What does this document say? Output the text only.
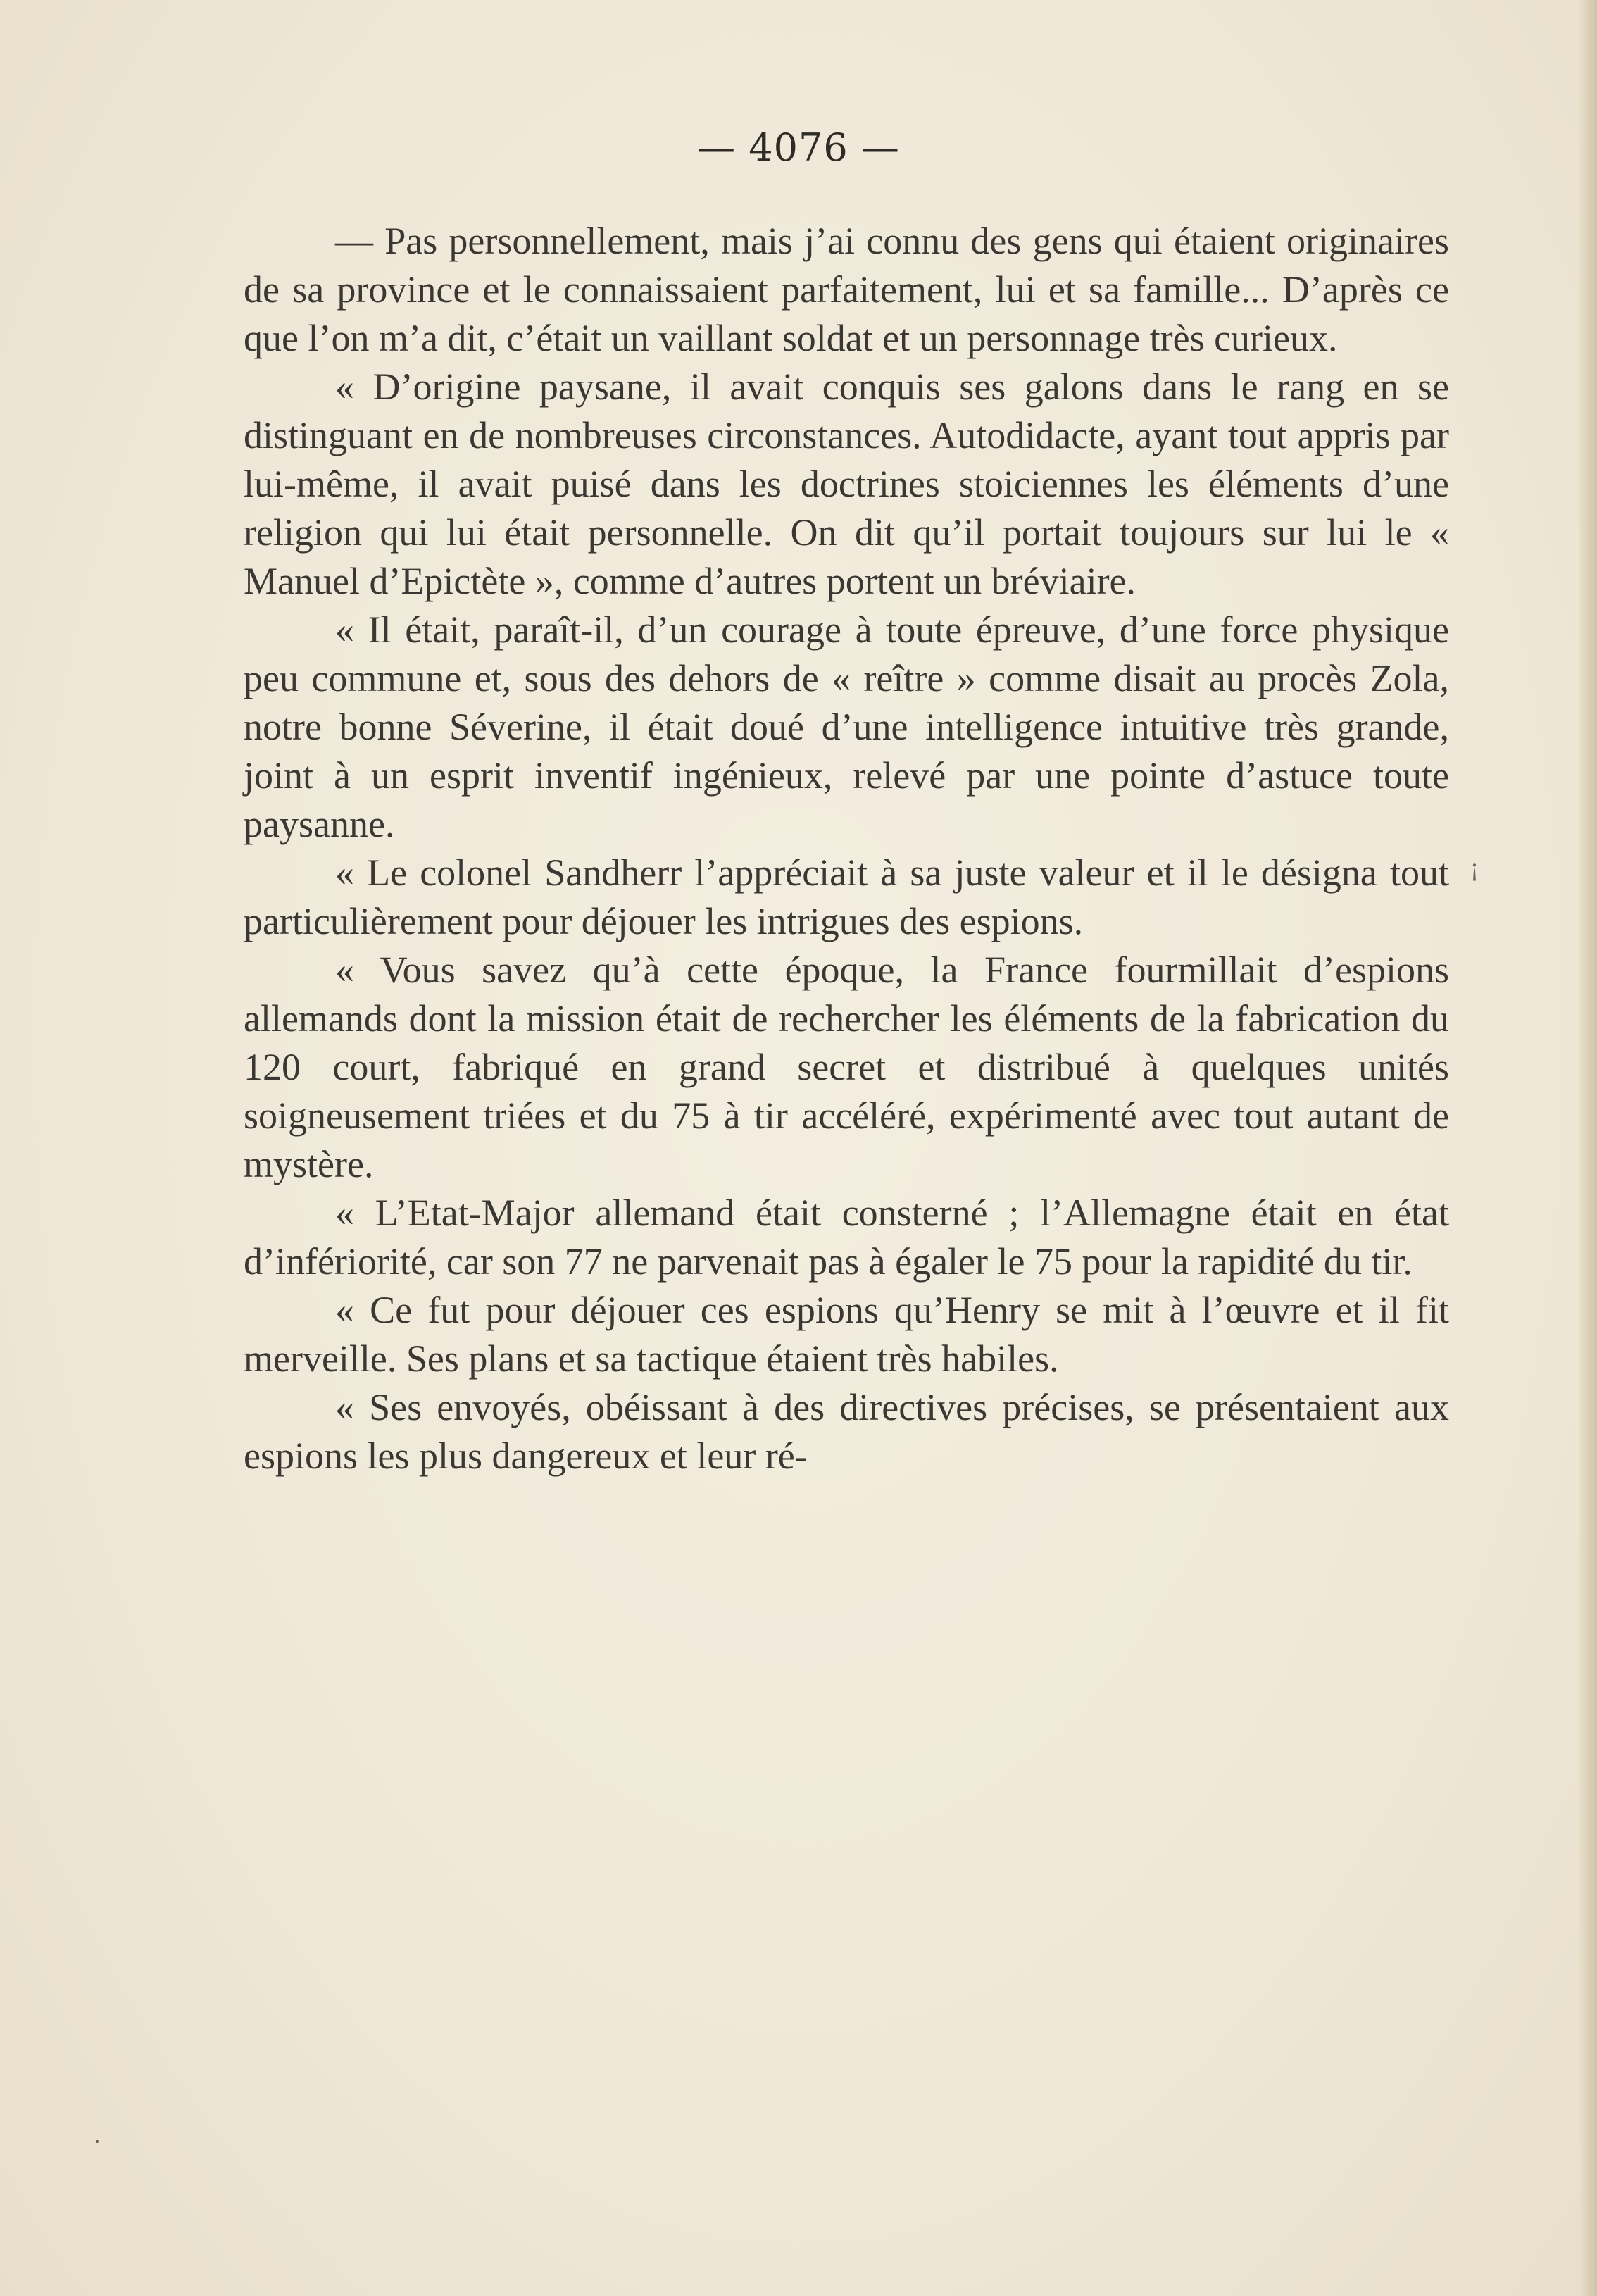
— 4076 —

— Pas personnellement, mais j’ai connu des gens qui étaient originaires de sa province et le connaissaient parfaitement, lui et sa famille... D’après ce que l’on m’a dit, c’était un vaillant soldat et un personnage très curieux.

« D’origine paysane, il avait conquis ses galons dans le rang en se distinguant en de nombreuses circonstances. Autodidacte, ayant tout appris par lui-même, il avait puisé dans les doctrines stoiciennes les éléments d’une religion qui lui était personnelle. On dit qu’il portait toujours sur lui le « Manuel d’Epictète », comme d’autres portent un bréviaire.

« Il était, paraît-il, d’un courage à toute épreuve, d’une force physique peu commune et, sous des dehors de « reître » comme disait au procès Zola, notre bonne Séverine, il était doué d’une intelligence intuitive très grande, joint à un esprit inventif ingénieux, relevé par une pointe d’astuce toute paysanne.

« Le colonel Sandherr l’appréciait à sa juste valeur et il le désigna tout particulièrement pour déjouer les intrigues des espions.

« Vous savez qu’à cette époque, la France fourmillait d’espions allemands dont la mission était de rechercher les éléments de la fabrication du 120 court, fabriqué en grand secret et distribué à quelques unités soigneusement triées et du 75 à tir accéléré, expérimenté avec tout autant de mystère.

« L’Etat-Major allemand était consterné ; l’Allemagne était en état d’infériorité, car son 77 ne parvenait pas à égaler le 75 pour la rapidité du tir.

« Ce fut pour déjouer ces espions qu’Henry se mit à l’œuvre et il fit merveille. Ses plans et sa tactique étaient très habiles.

« Ses envoyés, obéissant à des directives précises, se présentaient aux espions les plus dangereux et leur ré-

¡
·
